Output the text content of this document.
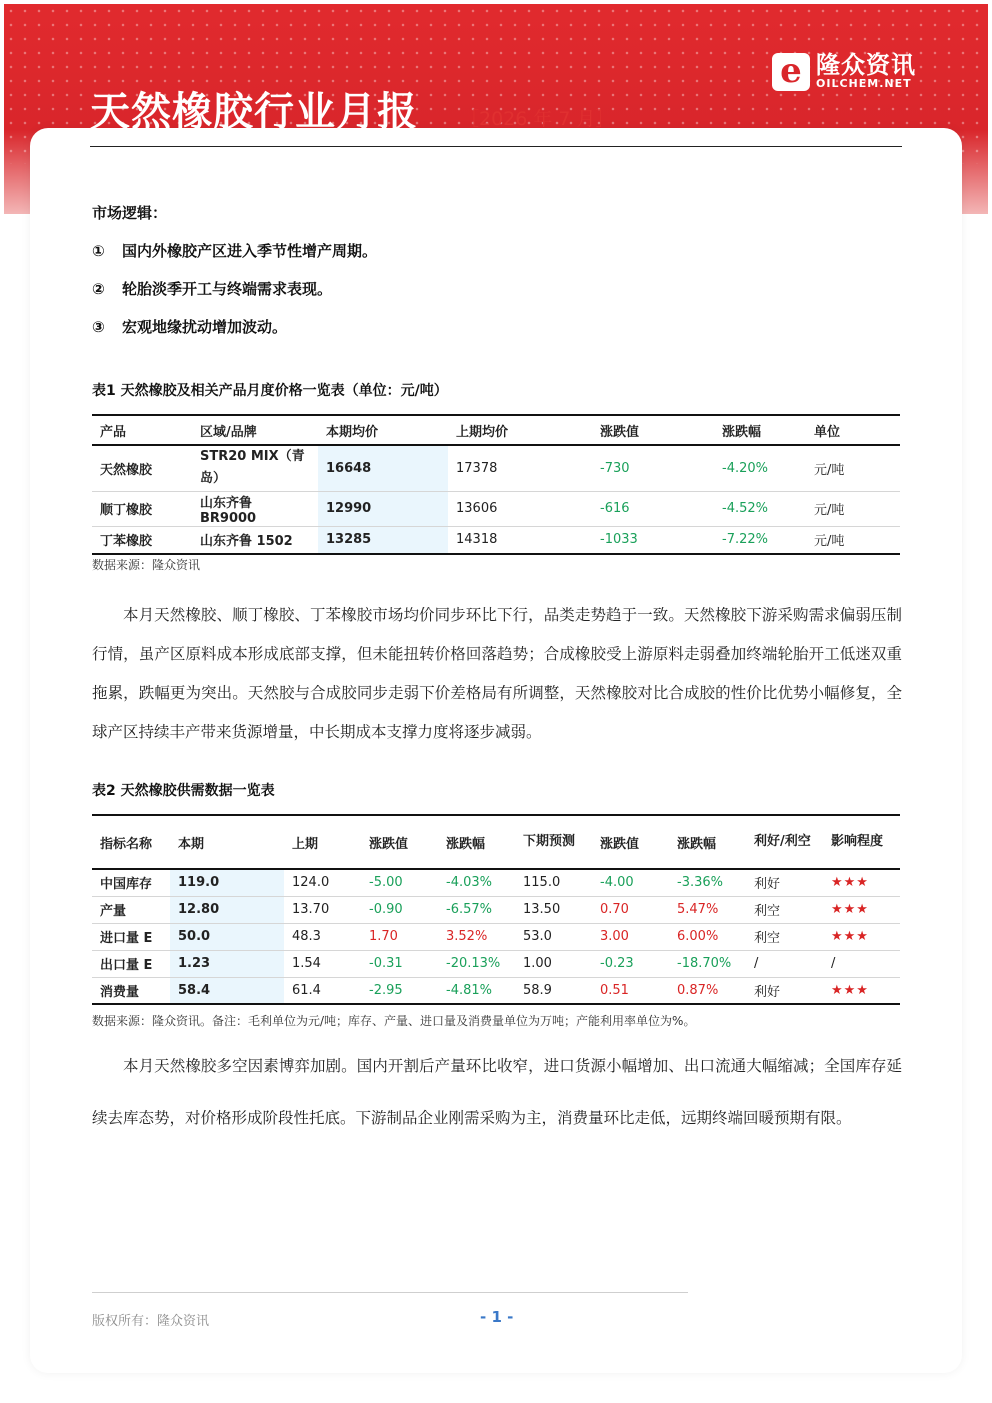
天然橡胶行业月报 ［2026 年 7 月］
e 隆众资讯
OILCHEM.NET
市场逻辑：
① 国内外橡胶产区进入季节性增产周期。
② 轮胎淡季开工与终端需求表现。
③ 宏观地缘扰动增加波动。
表1 天然橡胶及相关产品月度价格一览表（单位：元/吨）
产品	区域/品牌	本期均价	上期均价	涨跌值	涨跌幅	单位
天然橡胶	STR20 MIX（青岛）	16648	17378	-730	-4.20%	元/吨
顺丁橡胶	山东齐鲁 BR9000	12990	13606	-616	-4.52%	元/吨
丁苯橡胶	山东齐鲁 1502	13285	14318	-1033	-7.22%	元/吨
数据来源：隆众资讯
本月天然橡胶、顺丁橡胶、丁苯橡胶市场均价同步环比下行，品类走势趋于一致。天然橡胶下游采购需求偏弱压制行情，虽产区原料成本形成底部支撑，但未能扭转价格回落趋势；合成橡胶受上游原料走弱叠加终端轮胎开工低迷双重拖累，跌幅更为突出。天然胶与合成胶同步走弱下价差格局有所调整，天然橡胶对比合成胶的性价比优势小幅修复，全球产区持续丰产带来货源增量，中长期成本支撑力度将逐步减弱。
表2 天然橡胶供需数据一览表
指标名称	本期	上期	涨跌值	涨跌幅	下期预测	涨跌值	涨跌幅	利好/利空	影响程度
中国库存	119.0	124.0	-5.00	-4.03%	115.0	-4.00	-3.36%	利好	★★★
产量	12.80	13.70	-0.90	-6.57%	13.50	0.70	5.47%	利空	★★★
进口量 E	50.0	48.3	1.70	3.52%	53.0	3.00	6.00%	利空	★★★
出口量 E	1.23	1.54	-0.31	-20.13%	1.00	-0.23	-18.70%	/	/
消费量	58.4	61.4	-2.95	-4.81%	58.9	0.51	0.87%	利好	★★★
数据来源：隆众资讯。备注：毛利单位为元/吨；库存、产量、进口量及消费量单位为万吨；产能利用率单位为%。
本月天然橡胶多空因素博弈加剧。国内开割后产量环比收窄，进口货源小幅增加、出口流通大幅缩减；全国库存延续去库态势，对价格形成阶段性托底。下游制品企业刚需采购为主，消费量环比走低，远期终端回暖预期有限。
版权所有：隆众资讯	- 1 -
